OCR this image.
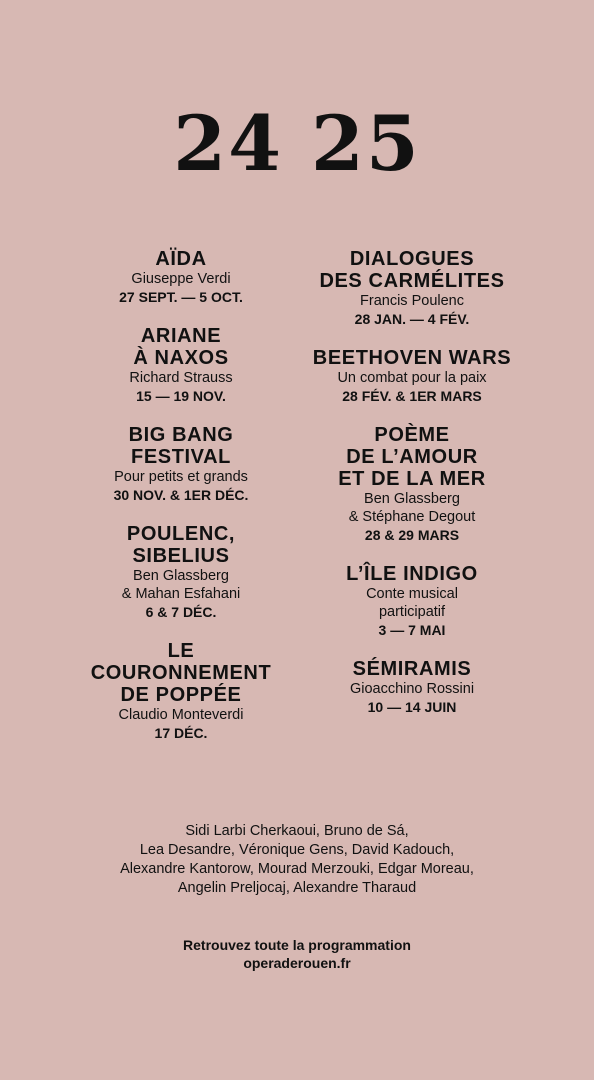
24 25
AÏDA
Giuseppe Verdi
27 SEPT. — 5 OCT.
ARIANE
À NAXOS
Richard Strauss
15 — 19 NOV.
BIG BANG
FESTIVAL
Pour petits et grands
30 NOV. & 1ER DÉC.
POULENC,
SIBELIUS
Ben Glassberg
& Mahan Esfahani
6 & 7 DÉC.
LE
COURONNEMENT
DE POPPÉE
Claudio Monteverdi
17 DÉC.
DIALOGUES
DES CARMÉLITES
Francis Poulenc
28 JAN. — 4 FÉV.
BEETHOVEN WARS
Un combat pour la paix
28 FÉV. & 1ER MARS
POÈME
DE L’AMOUR
ET DE LA MER
Ben Glassberg
& Stéphane Degout
28 & 29 MARS
L’ÎLE INDIGO
Conte musical
participatif
3 — 7 MAI
SÉMIRAMIS
Gioacchino Rossini
10 — 14 JUIN
Sidi Larbi Cherkaoui, Bruno de Sá,
Lea Desandre, Véronique Gens, David Kadouch,
Alexandre Kantorow, Mourad Merzouki, Edgar Moreau,
Angelin Preljocaj, Alexandre Tharaud
Retrouvez toute la programmation
operaderouen.fr
